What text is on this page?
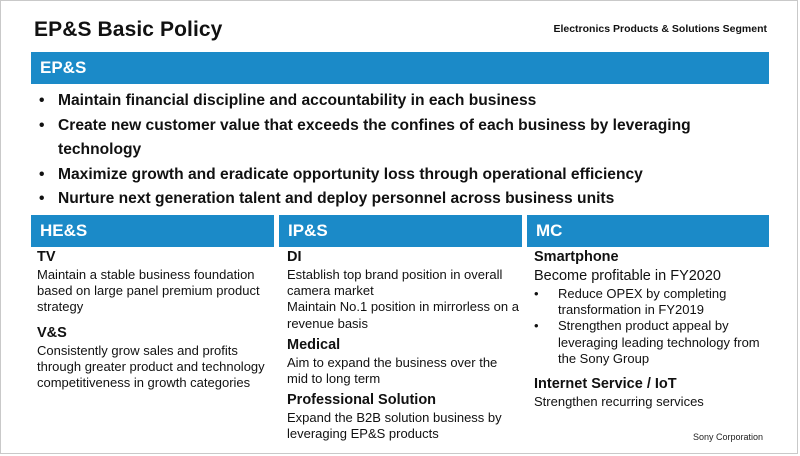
EP&S Basic Policy	Electronics Products & Solutions Segment
EP&S
• Maintain financial discipline and accountability in each business
• Create new customer value that exceeds the confines of each business by leveraging technology
• Maximize growth and eradicate opportunity loss through operational efficiency
• Nurture next generation talent and deploy personnel across business units
HE&S
TV
Maintain a stable business foundation based on large panel premium product strategy
V&S
Consistently grow sales and profits through greater product and technology competitiveness in growth categories
IP&S
DI
Establish top brand position in overall camera market
Maintain No.1 position in mirrorless on a revenue basis
Medical
Aim to expand the business over the mid to long term
Professional Solution
Expand the B2B solution business by leveraging EP&S products
MC
Smartphone
Become profitable in FY2020
• Reduce OPEX by completing transformation in FY2019
• Strengthen product appeal by leveraging leading technology from the Sony Group
Internet Service / IoT
Strengthen recurring services
Sony Corporation
